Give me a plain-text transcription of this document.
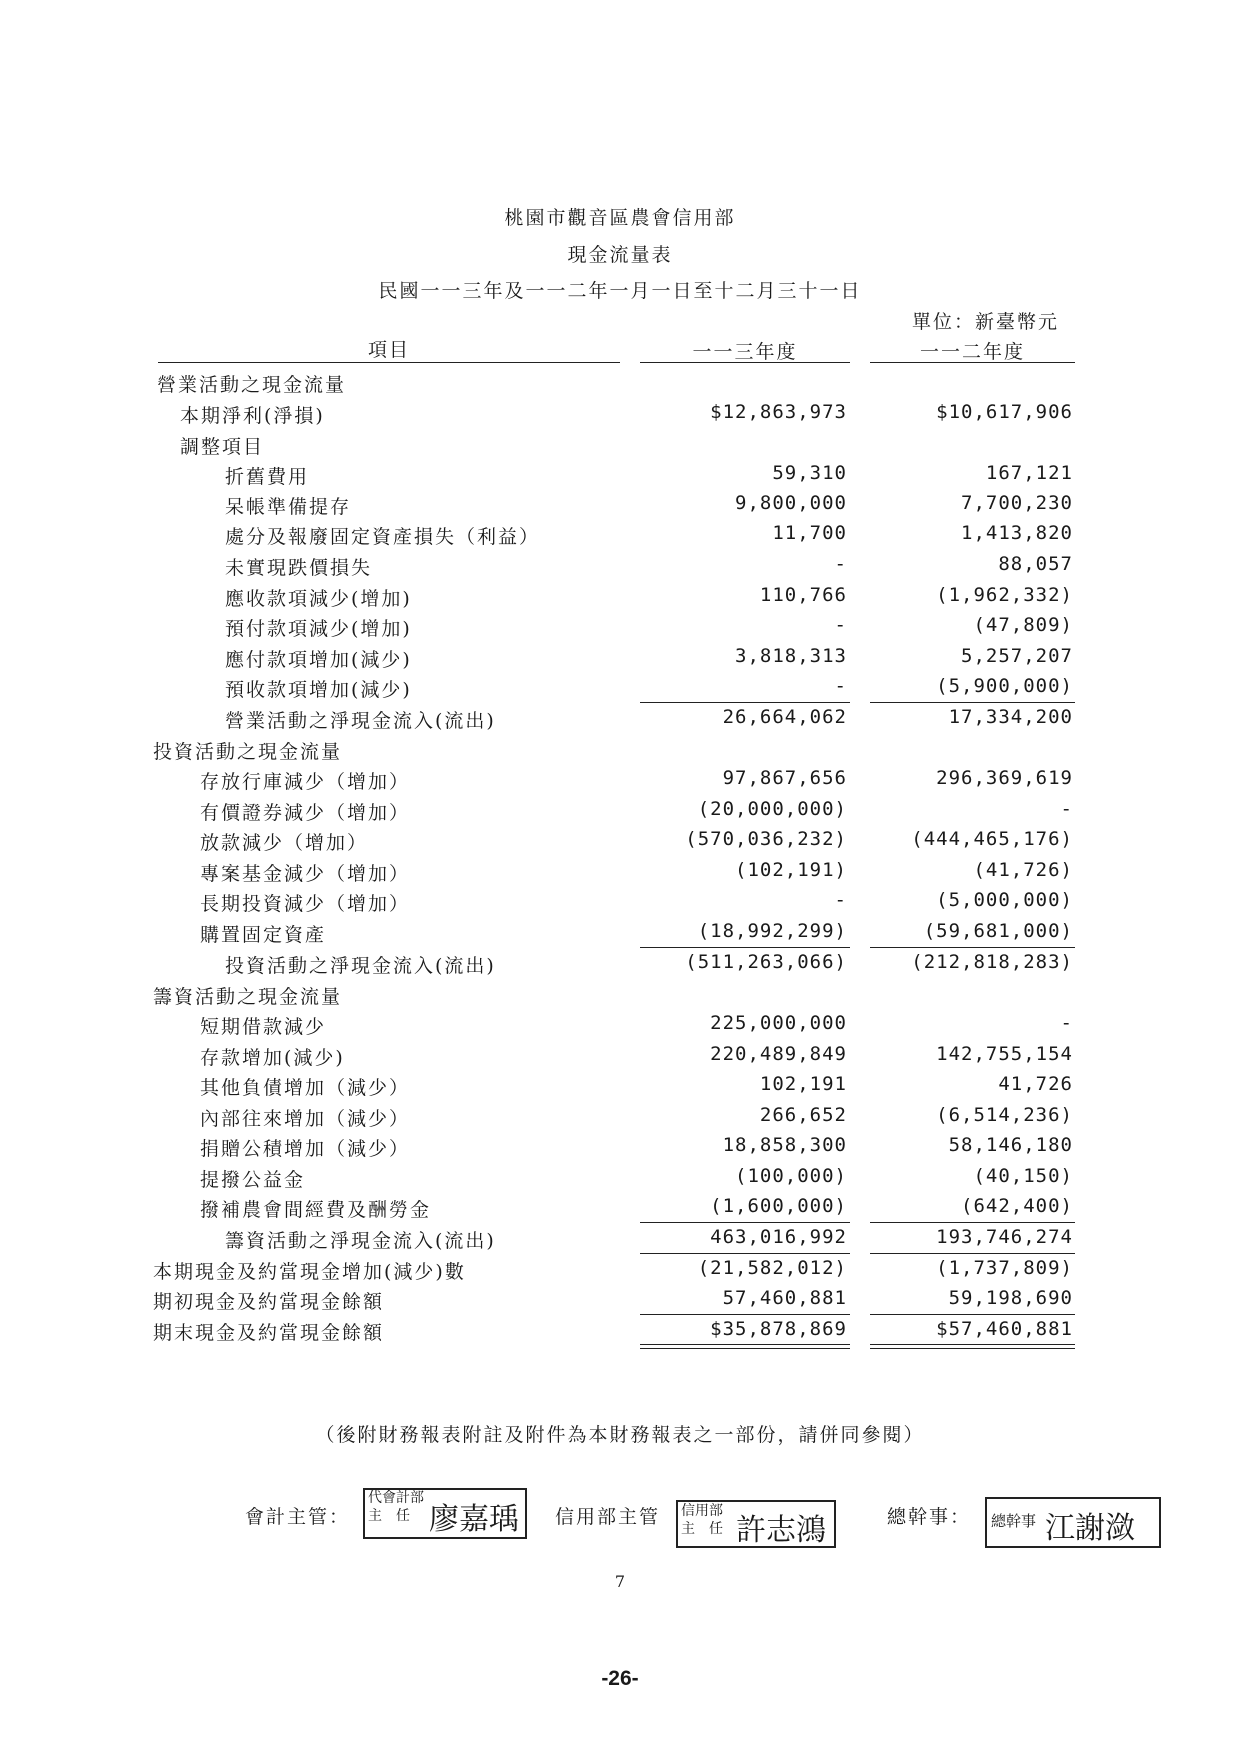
桃園市觀音區農會信用部
現金流量表
民國一一三年及一一二年一月一日至十二月三十一日
單位：新臺幣元
項目	一一三年度	一一二年度
營業活動之現金流量
本期淨利(淨損)	$12,863,973	$10,617,906
調整項目
折舊費用	59,310	167,121
呆帳準備提存	9,800,000	7,700,230
處分及報廢固定資產損失（利益）	11,700	1,413,820
未實現跌價損失	-	88,057
應收款項減少(增加)	110,766	(1,962,332)
預付款項減少(增加)	-	(47,809)
應付款項增加(減少)	3,818,313	5,257,207
預收款項增加(減少)	-	(5,900,000)
營業活動之淨現金流入(流出)	26,664,062	17,334,200
投資活動之現金流量
存放行庫減少（增加）	97,867,656	296,369,619
有價證券減少（增加）	(20,000,000)	-
放款減少（增加）	(570,036,232)	(444,465,176)
專案基金減少（增加）	(102,191)	(41,726)
長期投資減少（增加）	-	(5,000,000)
購置固定資產	(18,992,299)	(59,681,000)
投資活動之淨現金流入(流出)	(511,263,066)	(212,818,283)
籌資活動之現金流量
短期借款減少	225,000,000	-
存款增加(減少)	220,489,849	142,755,154
其他負債增加（減少）	102,191	41,726
內部往來增加（減少）	266,652	(6,514,236)
捐贈公積增加（減少）	18,858,300	58,146,180
提撥公益金	(100,000)	(40,150)
撥補農會間經費及酬勞金	(1,600,000)	(642,400)
籌資活動之淨現金流入(流出)	463,016,992	193,746,274
本期現金及約當現金增加(減少)數	(21,582,012)	(1,737,809)
期初現金及約當現金餘額	57,460,881	59,198,690
期末現金及約當現金餘額	$35,878,869	$57,460,881
（後附財務報表附註及附件為本財務報表之一部份，請併同參閱）
會計主管：
代會計部
主　任 廖嘉瑀 信用部主管 信用部
主　任 許志鴻	總幹事： 總幹事 江謝潋
7
-26-
